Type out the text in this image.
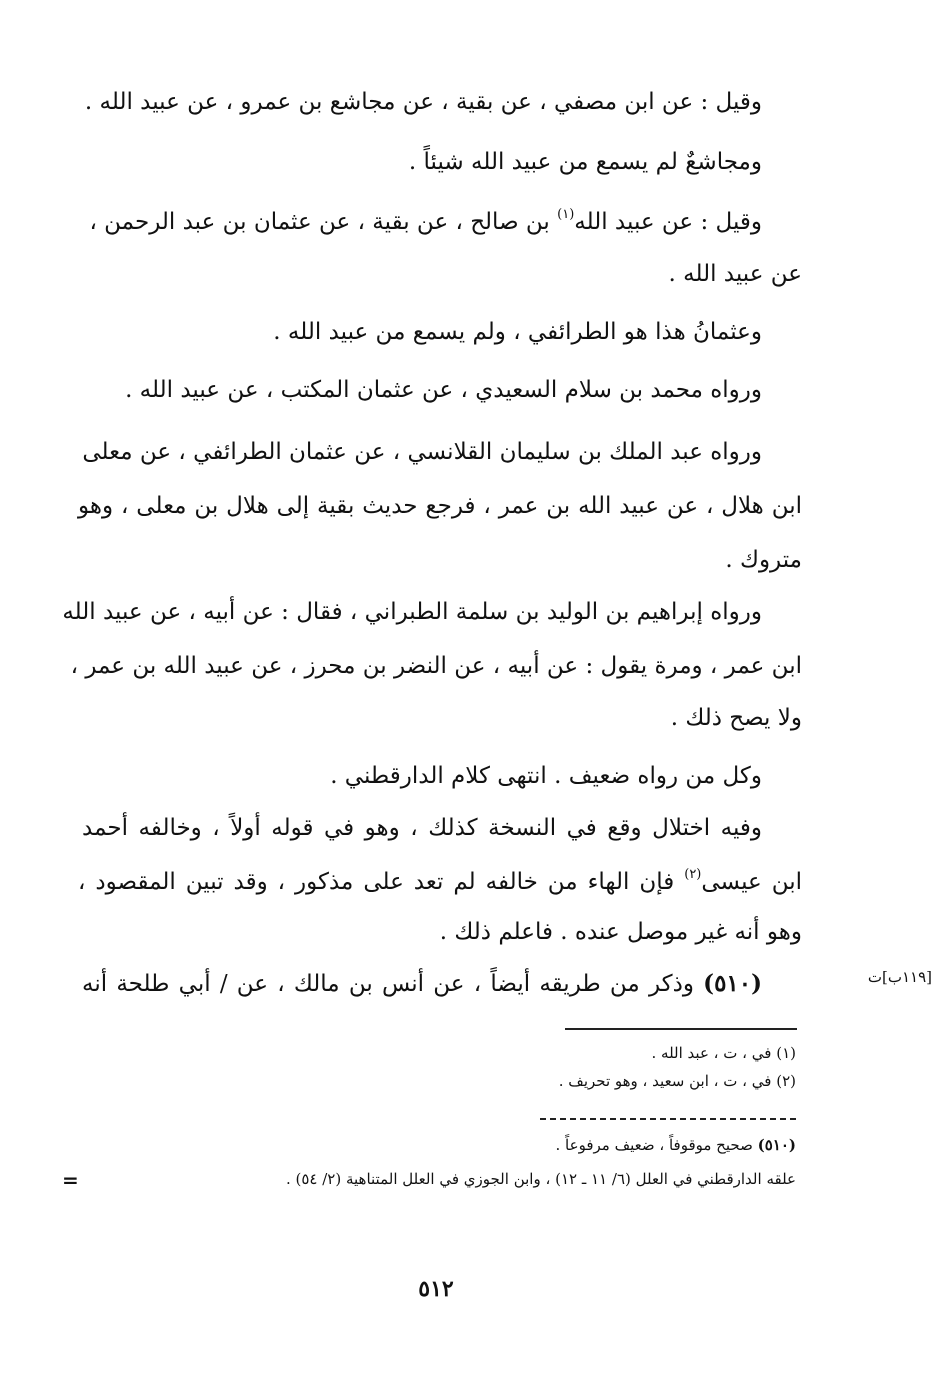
وقيل : عن ابن مصفي ، عن بقية ، عن مجاشع بن عمرو ، عن عبيد الله .
ومجاشعٌ لم يسمع من عبيد الله شيئاً .
وقيل : عن عبيد الله$^{(١)}$ بن صالح ، عن بقية ، عن عثمان بن عبد الرحمن ،
عن عبيد الله .
وعثمانُ هذا هو الطرائفي ، ولم يسمع من عبيد الله .
ورواه محمد بن سلام السعيدي ، عن عثمان المكتب ، عن عبيد الله .
ورواه عبد الملك بن سليمان القلانسي ، عن عثمان الطرائفي ، عن معلى
ابن هلال ، عن عبيد الله بن عمر ، فرجع حديث بقية إلى هلال بن معلى ، وهو
متروك .
ورواه إبراهيم بن الوليد بن سلمة الطبراني ، فقال : عن أبيه ، عن عبيد الله
ابن عمر ، ومرة يقول : عن أبيه ، عن النضر بن محرز ، عن عبيد الله بن عمر ،
ولا يصح ذلك .
وكل من رواه ضعيف . انتهى كلام الدارقطني .
وفيه اختلال وقع في النسخة كذلك ، وهو في قوله أولاً ، وخالفه أحمد
ابن عيسى$^{(٢)}$ فإن الهاء من خالفه لم تعد على مذكور ، وقد تبين المقصود ،
وهو أنه غير موصل عنده . فاعلم ذلك .
(٥١٠) وذكر من طريقه أيضاً ، عن أنس بن مالك ، عن / أبي طلحة أنه	[١١٩ب]ت
(١) في ، ت ، عبد الله .
(٢) في ، ت ، ابن سعيد ، وهو تحريف .
(٥١٠) صحيح موقوفاً ، ضعيف مرفوعاً .
علقه الدارقطني في العلل (٦/ ١١ ـ ١٢) ، وابن الجوزي في العلل المتناهية (٢/ ٥٤) .
=
٥١٢
